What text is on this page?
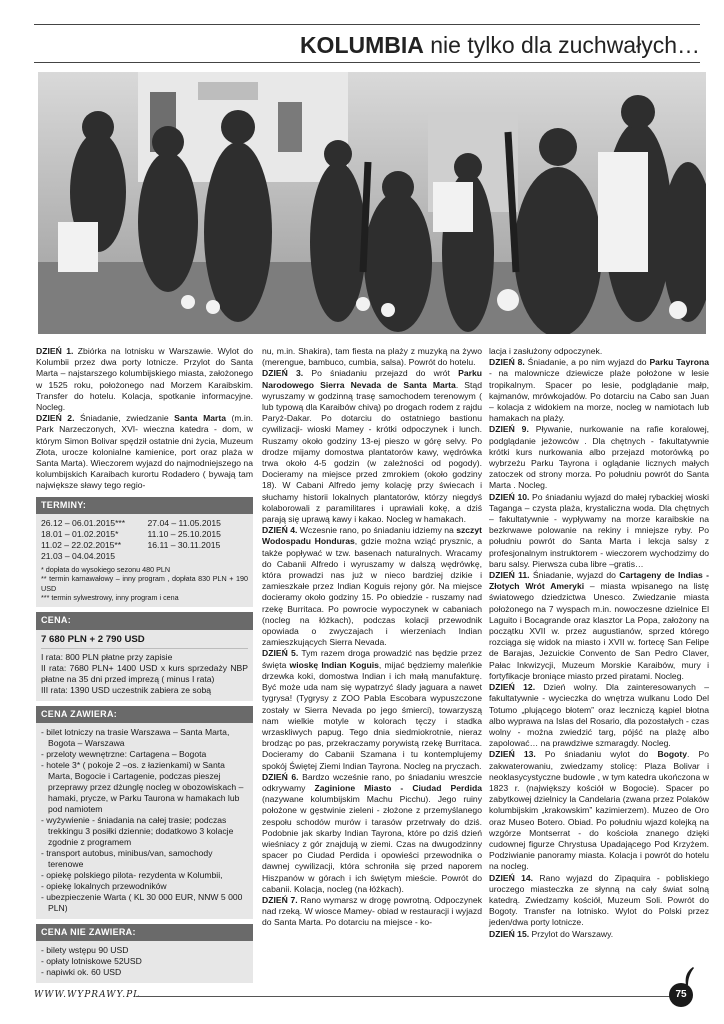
KOLUMBIA nie tylko dla zuchwałych…

DZIEŃ 1. Zbiórka na lotnisku w Warszawie. Wylot do Kolumbii przez dwa porty lotnicze. Przylot do Santa Marta – najstarszego kolumbijskiego miasta, założonego w 1525 roku, położonego nad Morzem Karaibskim. Transfer do hotelu. Kolacja, spotkanie informacyjne. Nocleg.

DZIEŃ 2. Śniadanie, zwiedzanie Santa Marta (m.in. Park Narzeczonych, XVI- wieczna katedra - dom, w którym Simon Bolivar spędził ostatnie dni życia, Muzeum Złota, urocze kolonialne kamienice, port oraz plaża w Santa Marta). Wieczorem wyjazd do najmodniejszego na kolumbijskich Karaibach kurortu Rodadero ( bywają tam największe sławy tego regio-

TERMINY:
26.12 – 06.01.2015***	27.04 – 11.05.2015
18.01 – 01.02.2015*	11.10 – 25.10.2015
11.02 – 22.02.2015**	16.11 – 30.11.2015
21.03 – 04.04.2015
* dopłata do wysokiego sezonu 480 PLN
** termin karnawałowy – inny program , dopłata 830 PLN + 190 USD
*** termin sylwestrowy, inny program i cena
CENA:
7 680 PLN + 2 790 USD
I rata: 800 PLN płatne przy zapisie
II rata: 7680 PLN+ 1400 USD x kurs sprzedaży NBP płatne na 35 dni przed imprezą ( minus I rata)
III rata: 1390 USD uczestnik zabiera ze sobą
CENA ZAWIERA:
- bilet lotniczy na trasie Warszawa – Santa Marta, Bogota – Warszawa
- przeloty wewnętrzne: Cartagena – Bogota
- hotele 3* ( pokoje 2 –os. z łazienkami) w Santa Marta, Bogocie i Cartagenie, podczas pieszej przeprawy przez dżunglę nocleg w obozowiskach – hamaki, prycze, w Parku Taurona w hamakach lub pod namiotem
- wyżywienie - śniadania na całej trasie; podczas trekkingu 3 posiłki dziennie; dodatkowo 3 kolacje zgodnie z programem
- transport autobus, minibus/van, samochody terenowe
- opiekę polskiego pilota- rezydenta w Kolumbii,
- opiekę lokalnych przewodników
- ubezpieczenie Warta ( KL 30 000 EUR, NNW 5 000 PLN)
CENA NIE ZAWIERA:
- bilety wstępu 90 USD
- opłaty lotniskowe 52USD
- napiwki ok. 60 USD

nu, m.in. Shakira), tam fiesta na plaży z muzyką na żywo (merengue, bambuco, cumbia, salsa). Powrót do hotelu.

DZIEŃ 3. Po śniadaniu przejazd do wrót Parku Narodowego Sierra Nevada de Santa Marta. Stąd wyruszamy w godzinną trasę samochodem terenowym ( lub typową dla Karaibów chivą) po drogach rodem z rajdu Paryż-Dakar. Po dotarciu do ostatniego bastionu cywilizacji- wioski Mamey - krótki odpoczynek i lunch. Ruszamy około godziny 13-ej pieszo w górę selvy. Po drodze mijamy domostwa plantatorów kawy, wędrówka trwa około 4-5 godzin (w zależności od pogody). Docieramy na miejsce przed zmrokiem (około godziny 18). W Cabani Alfredo jemy kolację przy świecach i słuchamy historii lokalnych plantatorów, którzy niegdyś kolaborowali z paramilitares i uprawiali kokę, a dziś parają się uprawą kawy i kakao. Nocleg w hamakach.

DZIEŃ 4. Wczesnie rano, po śniadaniu idziemy na szczyt Wodospadu Honduras, gdzie można wziąć prysznic, a także popływać w tzw. basenach naturalnych. Wracamy do Cabanii Alfredo i wyruszamy w dalszą wędrówkę, która prowadzi nas już w nieco bardziej dzikie i zamieszkałe przez Indian Koguis rejony gór. Na miejsce docieramy około godziny 15. Po obiedzie - ruszamy nad rzekę Burritaca. Po powrocie wypoczynek w cabaniach (nocleg na łóżkach), podczas kolacji przewodnik opowiada o zwyczajach i wierzeniach Indian zamieszkujących Sierra Nevada.

DZIEŃ 5. Tym razem droga prowadzić nas będzie przez święta wioskę Indian Koguis, mijać będziemy maleńkie drzewka koki, domostwa Indian i ich małą manufakturę. Być może uda nam się wypatrzyć ślady jaguara a nawet tygrysa! (Tygrysy z ZOO Pabla Escobara wypuszczone zostały w Sierra Nevada po jego śmierci), towarzyszą nam wielkie motyle w kolorach tęczy i stadka wrzaskliwych papug. Tego dnia siedmiokrotnie, nieraz brodząc po pas, przekraczamy porywistą rzekę Burritaca. Docieramy do Cabanii Szamana i tu kontemplujemy spokój Świętej Ziemi Indian Tayrona. Nocleg na pryczach.

DZIEŃ 6. Bardzo wcześnie rano, po śniadaniu wreszcie odkrywamy Zaginione Miasto - Ciudad Perdida (nazywane kolumbijskim Machu Picchu). Jego ruiny położone w gęstwinie zieleni - złożone z przemyślanego zespołu schodów murów i tarasów przetrwały do dziś. Podobnie jak skarby Indian Tayrona, które po dziś dzień wieśniacy z gór znajdują w ziemi. Czas na dwugodzinny spacer po Ciudad Perdida i opowieści przewodnika o dawnej cywilizacji, która schroniła się przed naporem Hiszpanów w górach i ich świętym mieście. Powrót do cabanii. Kolacja, nocleg (na łóżkach).

DZIEŃ 7. Rano wymarsz w drogę powrotną. Odpoczynek nad rzeką. W wiosce Mamey- obiad w restauracji i wyjazd do Santa Marta. Po dotarciu na miejsce - ko-

lacja i zasłużony odpoczynek.

DZIEŃ 8. Śniadanie, a po nim wyjazd do Parku Tayrona - na malownicze dziewicze plaże położone w lesie tropikalnym. Spacer po lesie, podglądanie małp, kajmanów, mrówkojadów. Po dotarciu na Cabo san Juan – kolacja z widokiem na morze, nocleg w namiotach lub hamakach na plaży.

DZIEŃ 9. Pływanie, nurkowanie na rafie koralowej, podglądanie jeżowców . Dla chętnych - fakultatywnie krótki kurs nurkowania albo przejazd motorówką po wybrzeżu Parku Tayrona i oglądanie licznych małych zatoczek od strony morza. Po południu powrót do Santa Marta . Nocleg.

DZIEŃ 10. Po śniadaniu wyjazd do małej rybackiej wioski Taganga – czysta plaża, krystaliczna woda. Dla chętnych – fakultatywnie - wypływamy na morze karaibskie na bezkrwawe polowanie na rekiny i mniejsze ryby. Po południu powrót do Santa Marta i lekcja salsy z profesjonalnym instruktorem - wieczorem wychodzimy do baru salsy. Pierwsza cuba libre –gratis…

DZIEŃ 11. Śniadanie, wyjazd do Cartageny de Indias - Złotych Wrót Ameryki – miasta wpisanego na listę światowego dziedzictwa Unesco. Zwiedzanie miasta położonego na 7 wyspach m.in. nowoczesne dzielnice El Laguito i Bocagrande oraz klasztor La Popa, założony na początku XVII w. przez augustianów, sprzed którego rozciąga się widok na miasto i XVII w. fortecę San Felipe de Barajas, Jezuickie Convento de San Pedro Claver, Pałac Inkwizycji, Muzeum Morskie Karaibów, mury i fortyfikacje broniące miasto przed piratami. Nocleg.

DZIEŃ 12. Dzień wolny. Dla zainteresowanych – fakultatywnie - wycieczka do wnętrza wulkanu Lodo Del Totumo „plującego błotem” oraz leczniczą kąpiel błotna albo wyprawa na Islas del Rosario, dla pozostałych - czas wolny - można zwiedzić targ, pójść na plażę albo zapolować… na prawdziwe szmaragdy. Nocleg.

DZIEŃ 13. Po śniadaniu wylot do Bogoty. Po zakwaterowaniu, zwiedzamy stolicę: Plaza Bolivar i neoklasycystyczne budowle , w tym katedra ukończona w 1823 r. (największy kościół w Bogocie). Spacer po zabytkowej dzielnicy la Candelaria (zwana przez Polaków kolumbijskim „krakowskim” kazimierzem). Muzeo de Oro oraz Museo Botero. Obiad. Po południu wjazd kolejką na wzgórze Montserrat - do kościoła znanego dzięki cudownej figurze Chrystusa Upadającego Pod Krzyżem. Podziwianie panoramy miasta. Kolacja i powrót do hotelu na nocleg.

DZIEŃ 14. Rano wyjazd do Zipaquira - pobliskiego uroczego miasteczka ze słynną na cały świat solną katedrą. Zwiedzamy kościół, Muzeum Soli. Powrót do Bogoty. Transfer na lotnisko. Wylot do Polski przez jeden/dwa porty lotnicze.

DZIEŃ 15. Przylot do Warszawy.

WWW.WYPRAWY.PL	75
